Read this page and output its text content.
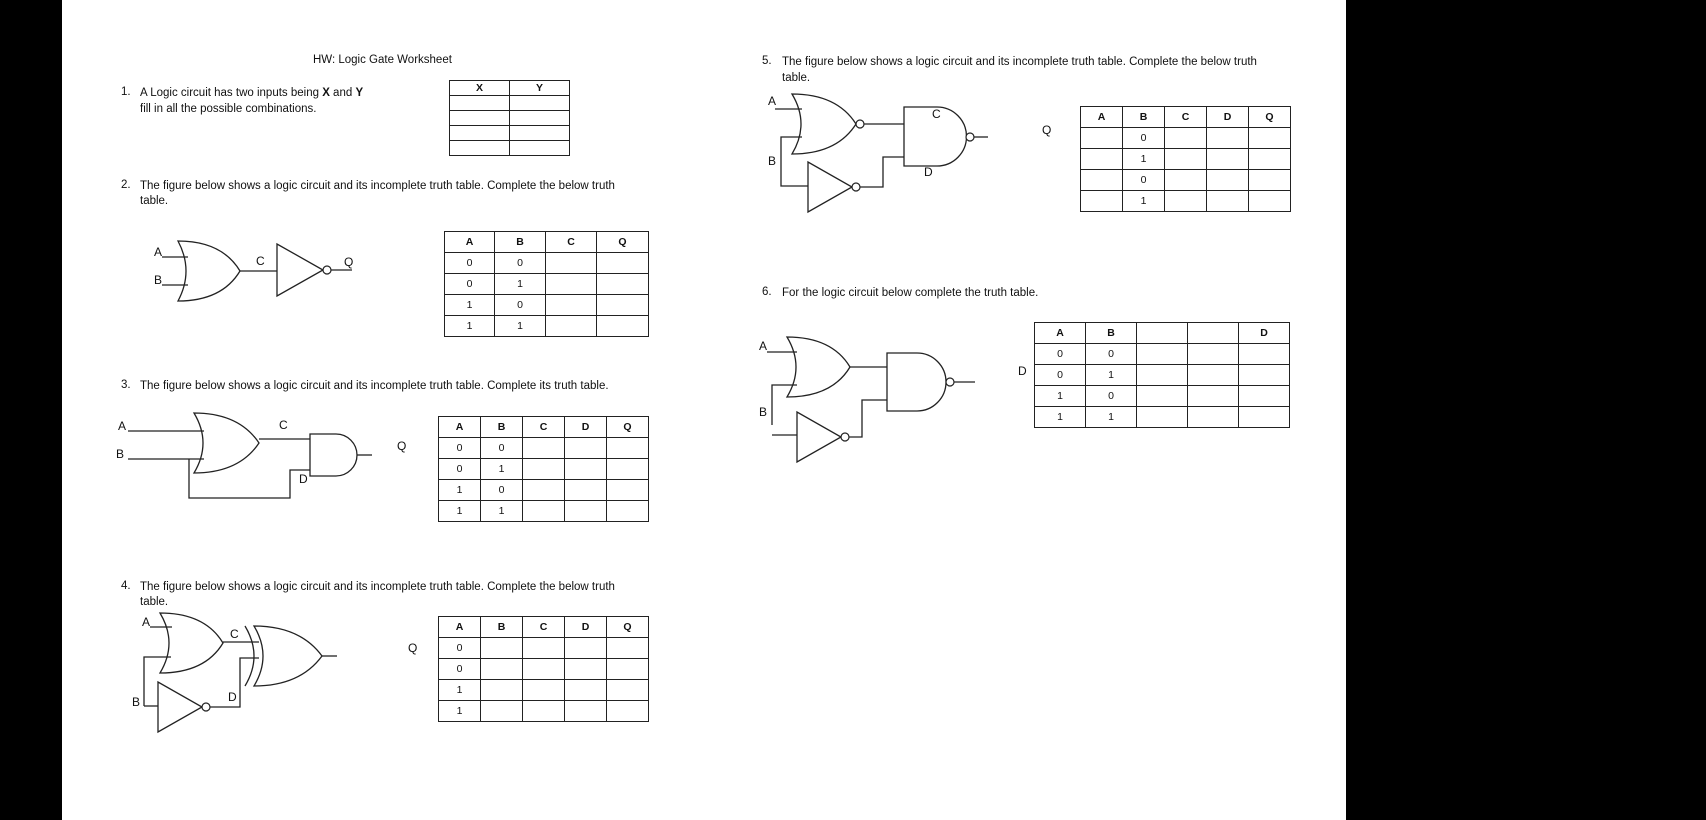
HW: Logic Gate Worksheet
1. A Logic circuit has two inputs being X and Y
fill in all the possible combinations.
X	Y

2. The figure below shows a logic circuit and its incomplete truth table. Complete the below truth
table.
A
B
C	Q
A	B	C	Q
0	0		
0	1		
1	0		
1	1		
3. The figure below shows a logic circuit and its incomplete truth table. Complete its truth table.
A
B
C
D
Q
A	B	C	D	Q
0	0			
0	1			
1	0			
1	1			
4. The figure below shows a logic circuit and its incomplete truth table. Complete the below truth
table.
A
B
C
D
Q
A	B	C	D	Q
0				
0				
1				
1				
5. The figure below shows a logic circuit and its incomplete truth table. Complete the below truth
table.
A
B
C
D
Q
A	B	C	D	Q
	0			
	1			
	0			
	1			
6. For the logic circuit below complete the truth table.
A
B
D
A	B			D
0	0			
0	1			
1	0			
1	1			
